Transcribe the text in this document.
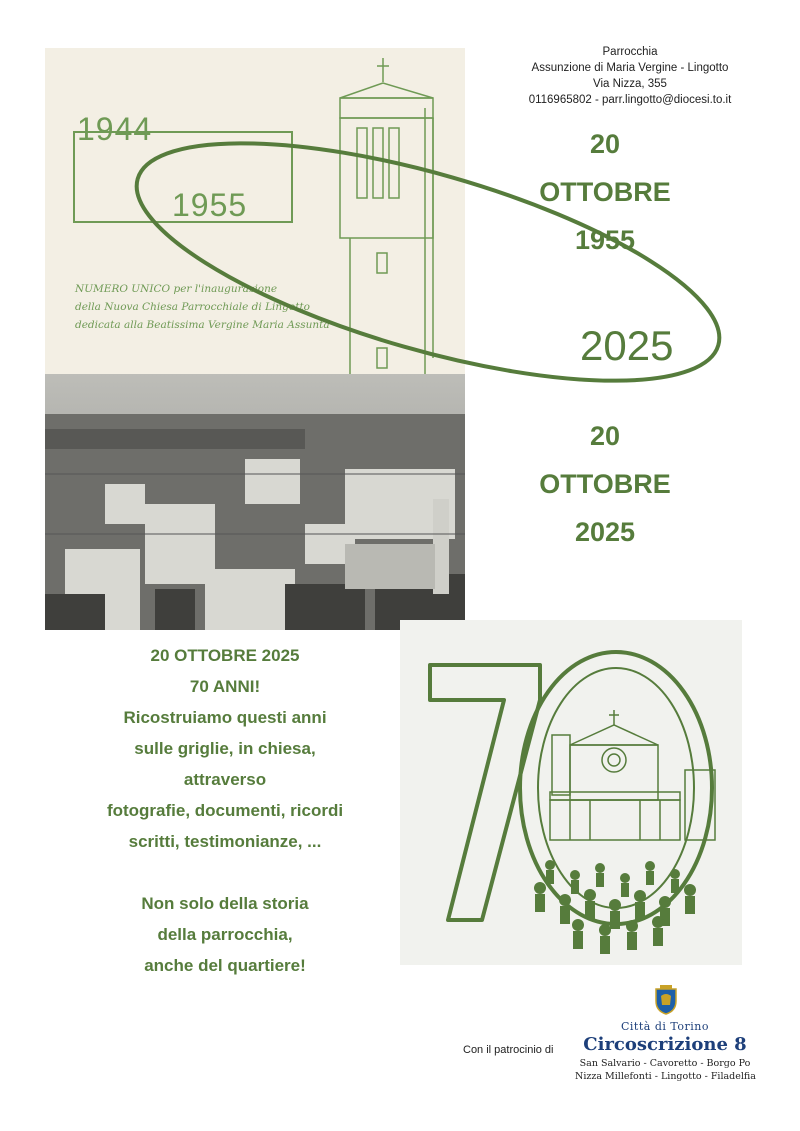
1944
1955
NUMERO UNICO per l'inaugurazione
della Nuova Chiesa Parrocchiale di Lingotto
dedicata alla Beatissima Vergine Maria Assunta
Parrocchia
Assunzione di Maria Vergine - Lingotto
Via Nizza, 355
0116965802 - parr.lingotto@diocesi.to.it
20
OTTOBRE
1955
2025
20
OTTOBRE
2025
20 OTTOBRE 2025
70 ANNI!
Ricostruiamo questi anni
sulle griglie, in chiesa,
attraverso
fotografie, documenti, ricordi
scritti, testimonianze, ...
Non solo della storia
della parrocchia,
anche del quartiere!
Con il patrocinio di
Città di Torino
Circoscrizione 8
San Salvario - Cavoretto - Borgo Po
Nizza Millefonti - Lingotto - Filadelfia
